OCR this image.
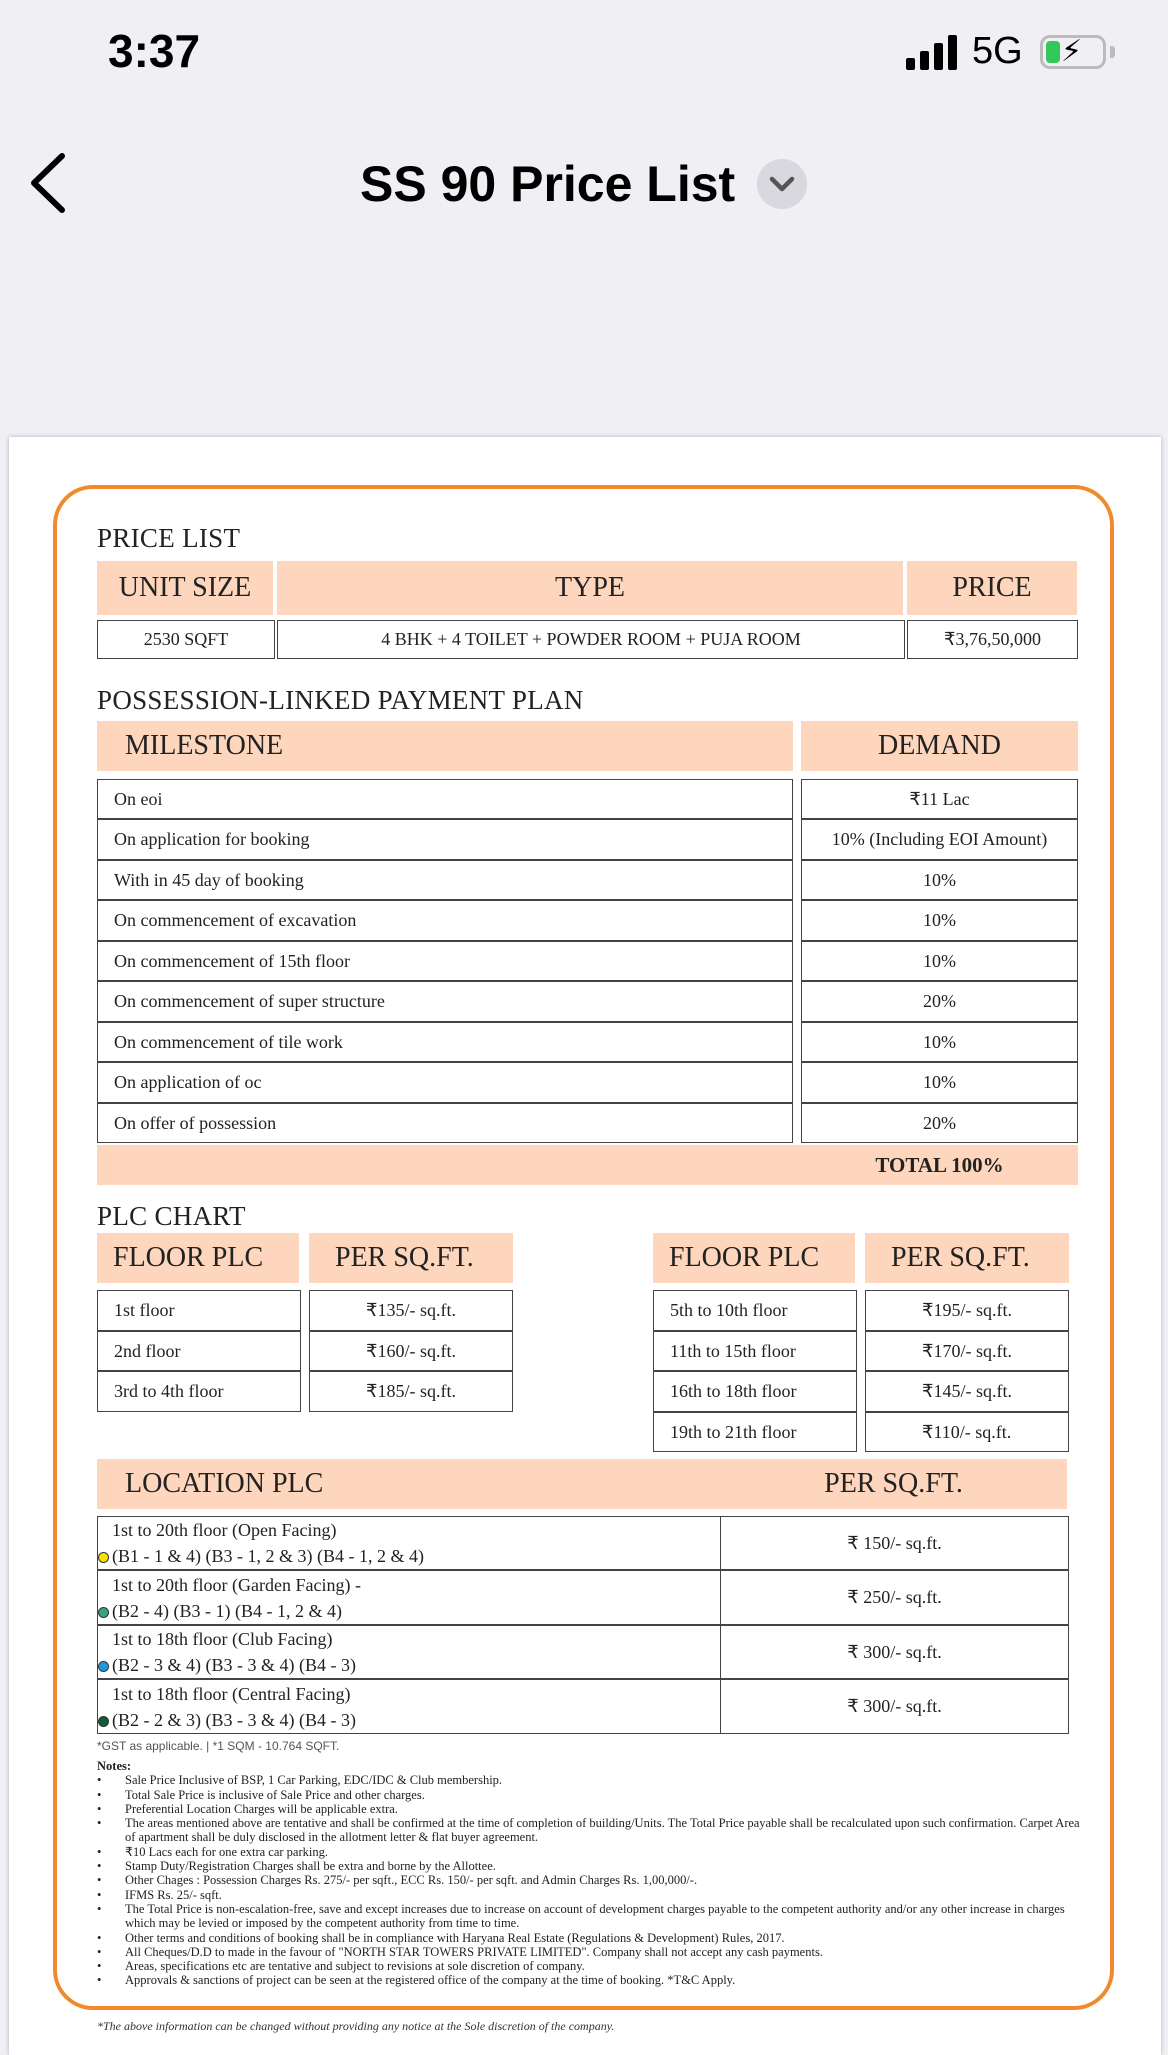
3:37	5G ⚡
SS 90 Price List
PRICE LIST
UNIT SIZE	TYPE	PRICE
2530 SQFT	4 BHK + 4 TOILET + POWDER ROOM + PUJA ROOM	₹3,76,50,000
POSSESSION-LINKED PAYMENT PLAN
MILESTONE	DEMAND
On eoi	₹11 Lac
On application for booking	10% (Including EOI Amount)
With in 45 day of booking	10%
On commencement of excavation	10%
On commencement of 15th floor	10%
On commencement of super structure	20%
On commencement of tile work	10%
On application of oc	10%
On offer of possession	20%
TOTAL 100%
PLC CHART
FLOOR PLC	PER SQ.FT.	FLOOR PLC	PER SQ.FT.
1st floor	₹135/- sq.ft.
2nd floor	₹160/- sq.ft.
3rd to 4th floor	₹185/- sq.ft.
5th to 10th floor	₹195/- sq.ft.
11th to 15th floor	₹170/- sq.ft.
16th to 18th floor	₹145/- sq.ft.
19th to 21th floor	₹110/- sq.ft.
LOCATION PLC	PER SQ.FT.
1st to 20th floor (Open Facing)
(B1 - 1 & 4) (B3 - 1, 2 & 3) (B4 - 1, 2 & 4)
₹ 150/- sq.ft.
1st to 20th floor (Garden Facing) -
(B2 - 4) (B3 - 1) (B4 - 1, 2 & 4)
₹ 250/- sq.ft.
1st to 18th floor (Club Facing)
(B2 - 3 & 4) (B3 - 3 & 4) (B4 - 3)
₹ 300/- sq.ft.
1st to 18th floor (Central Facing)
(B2 - 2 & 3) (B3 - 3 & 4) (B4 - 3)
₹ 300/- sq.ft.
*GST as applicable. | *1 SQM - 10.764 SQFT.
Notes:
• Sale Price Inclusive of BSP, 1 Car Parking, EDC/IDC & Club membership.
• Total Sale Price is inclusive of Sale Price and other charges.
• Preferential Location Charges will be applicable extra.
• The areas mentioned above are tentative and shall be confirmed at the time of completion of building/Units. The Total Price payable shall be recalculated upon such confirmation. Carpet Area of apartment shall be duly disclosed in the allotment letter & flat buyer agreement.
• ₹10 Lacs each for one extra car parking.
• Stamp Duty/Registration Charges shall be extra and borne by the Allottee.
• Other Chages : Possession Charges Rs. 275/- per sqft., ECC Rs. 150/- per sqft. and Admin Charges Rs. 1,00,000/-.
• IFMS Rs. 25/- sqft.
• The Total Price is non-escalation-free, save and except increases due to increase on account of development charges payable to the competent authority and/or any other increase in charges which may be levied or imposed by the competent authority from time to time.
• Other terms and conditions of booking shall be in compliance with Haryana Real Estate (Regulations & Development) Rules, 2017.
• All Cheques/D.D to made in the favour of "NORTH STAR TOWERS PRIVATE LIMITED". Company shall not accept any cash payments.
• Areas, specifications etc are tentative and subject to revisions at sole discretion of company.
• Approvals & sanctions of project can be seen at the registered office of the company at the time of booking. *T&C Apply.
*The above information can be changed without providing any notice at the Sole discretion of the company.
